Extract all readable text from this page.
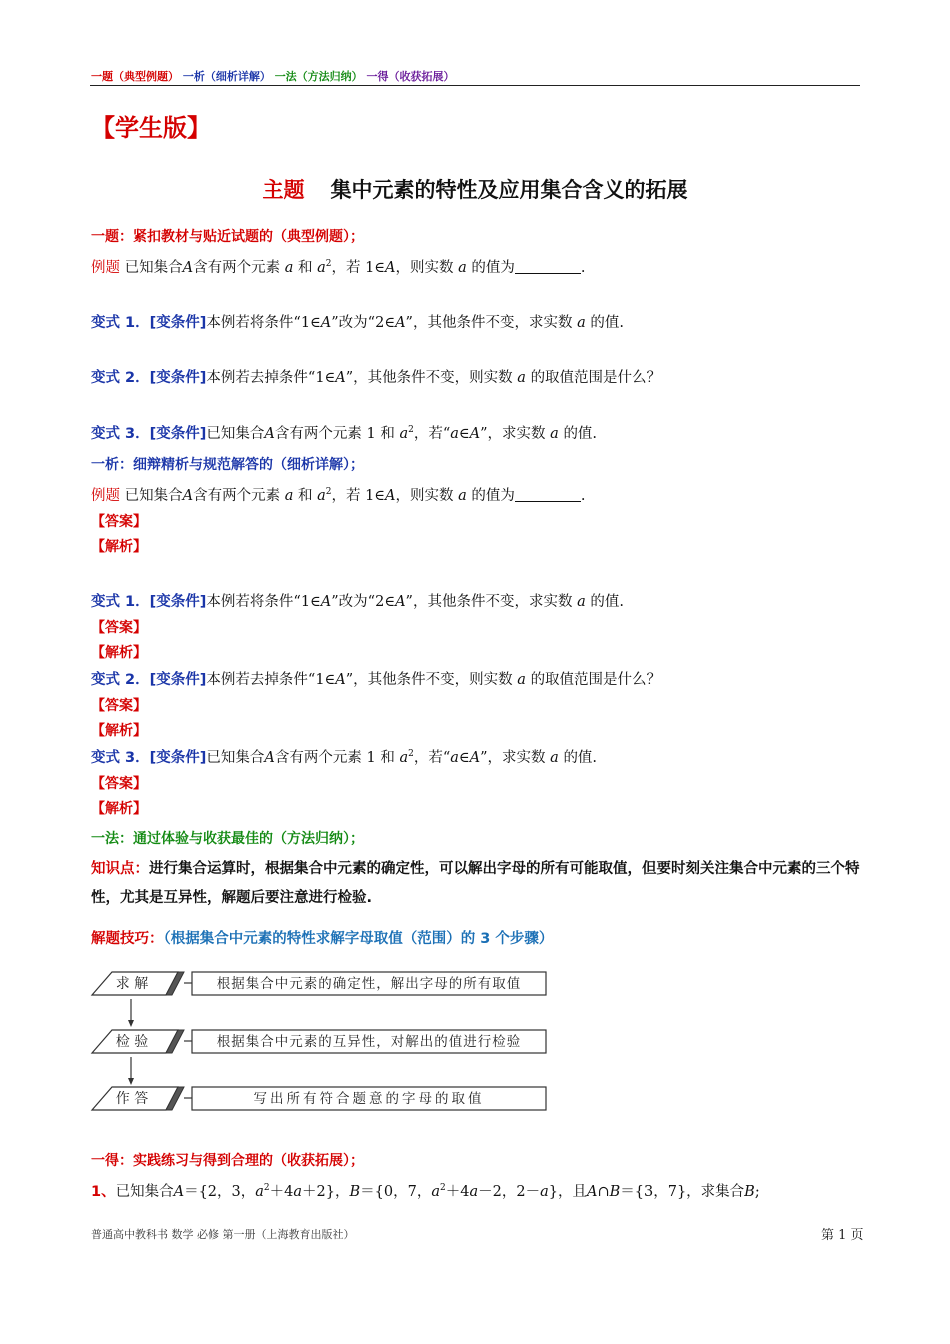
一题（典型例题） 一析（细析详解） 一法（方法归纳） 一得（收获拓展）
【学生版】
主题 集中元素的特性及应用集合含义的拓展
一题：紧扣教材与贴近试题的（典型例题）；
例题 已知集合A含有两个元素 a 和 $a^2$，若 1∈A，则实数 a 的值为	.
变式 1．[变条件]本例若将条件“1∈A”改为“2∈A”，其他条件不变，求实数 a 的值.
变式 2．[变条件]本例若去掉条件“1∈A”，其他条件不变，则实数 a 的取值范围是什么？
变式 3．[变条件]已知集合A含有两个元素 1 和 $a^2$，若“a∈A”，求实数 a 的值.
一析：细辩精析与规范解答的（细析详解）；
例题 已知集合A含有两个元素 a 和 $a^2$，若 1∈A，则实数 a 的值为	.
【答案】
【解析】
变式 1．[变条件]本例若将条件“1∈A”改为“2∈A”，其他条件不变，求实数 a 的值.
【答案】
【解析】
变式 2．[变条件]本例若去掉条件“1∈A”，其他条件不变，则实数 a 的取值范围是什么？
【答案】
【解析】
变式 3．[变条件]已知集合A含有两个元素 1 和 $a^2$，若“a∈A”，求实数 a 的值.
【答案】
【解析】
一法：通过体验与收获最佳的（方法归纳）；
知识点：进行集合运算时，根据集合中元素的确定性，可以解出字母的所有可能取值，但要时刻关注集合中元素的三个特性，尤其是互异性，解题后要注意进行检验.
解题技巧：（根据集合中元素的特性求解字母取值（范围）的 3 个步骤）
求 解	根据集合中元素的确定性，解出字母的所有取值
检 验	根据集合中元素的互异性，对解出的值进行检验
作 答	写出所有符合题意的字母的取值
一得：实践练习与得到合理的（收获拓展）；
1、已知集合A＝{2，3，$a^2+4a+2$}，B＝{0，7，$a^2+4a-2$，2－a}，且A∩B＝{3，7}，求集合B;
普通高中教科书 数学 必修 第一册（上海教育出版社）	第 1 页
